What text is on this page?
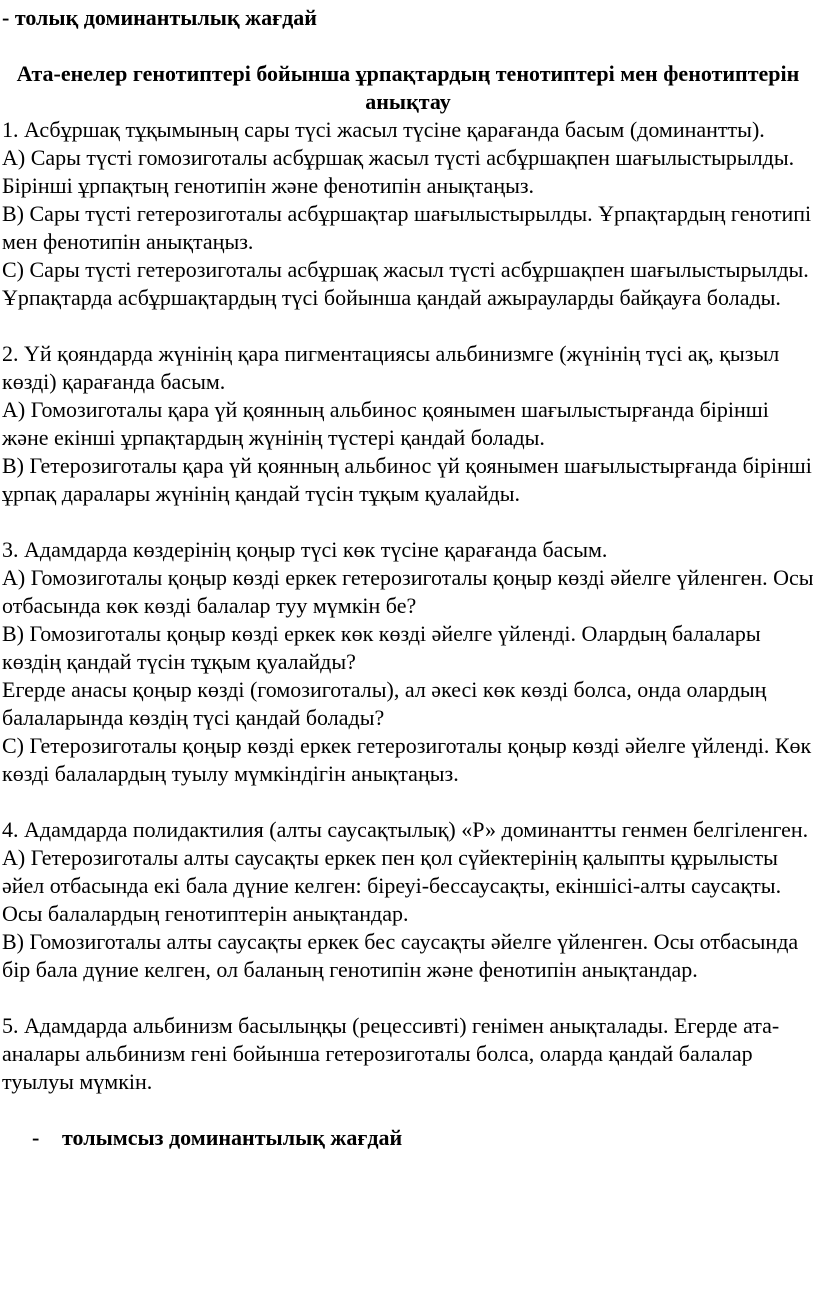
- толық доминантылық жағдай

Ата-енелер генотиптері бойынша ұрпақтардың тенотиптері мен фенотиптерін анықтау

1. Асбұршақ тұқымының сары түсі жасыл түсіне қарағанда басым (доминантты).

А) Сары түсті гомозиготалы асбұршақ жасыл түсті асбұршақпен шағылыстырылды. Бірінші ұрпақтың генотипін және фенотипін анықтаңыз.

В) Сары түсті гетерозиготалы асбұршақтар шағылыстырылды. Ұрпақтардың генотипі мен фенотипін анықтаңыз.

С) Сары түсті гетерозиготалы асбұршақ жасыл түсті асбұршақпен шағылыстырылды. Ұрпақтарда асбұршақтардың түсі бойынша қандай ажырауларды байқауға болады.

2. Үй қояндарда жүнінің қара пигментациясы альбинизмге (жүнінің түсі ақ, қызыл көзді) қарағанда басым.

А) Гомозиготалы қара үй қоянның альбинос қоянымен шағылыстырғанда бірінші және екінші ұрпақтардың жүнінің түстері қандай болады.

В) Гетерозиготалы қара үй қоянның альбинос үй қоянымен шағылыстырғанда бірінші ұрпақ даралары жүнінің қандай түсін тұқым қуалайды.

3. Адамдарда көздерінің қоңыр түсі көк түсіне қарағанда басым.

А) Гомозиготалы қоңыр көзді еркек гетерозиготалы қоңыр көзді әйелге үйленген. Осы отбасында көк көзді балалар туу мүмкін бе?

В) Гомозиготалы қоңыр көзді еркек көк көзді әйелге үйленді. Олардың балалары көздің қандай түсін тұқым қуалайды?

Егерде анасы қоңыр көзді (гомозиготалы), ал әкесі көк көзді болса, онда олардың балаларында көздің түсі қандай болады?

С) Гетерозиготалы қоңыр көзді еркек гетерозиготалы қоңыр көзді әйелге үйленді. Көк көзді балалардың туылу мүмкіндігін анықтаңыз.

4. Адамдарда полидактилия (алты саусақтылық) «Р» доминантты генмен белгіленген.

А) Гетерозиготалы алты саусақты еркек пен қол сүйектерінің қалыпты құрылысты әйел отбасында екі бала дүние келген: біреуі-бессаусақты, екіншісі-алты саусақты. Осы балалардың генотиптерін анықтандар.

В) Гомозиготалы алты саусақты еркек бес саусақты әйелге үйленген. Осы отбасында бір бала дүние келген, ол баланың генотипін және фенотипін анықтандар.

5. Адамдарда альбинизм басылыңқы (рецессивті) генімен анықталады. Егерде ата-аналары альбинизм гені бойынша гетерозиготалы болса, оларда қандай балалар туылуы мүмкін.

- толымсыз доминантылық жағдай
